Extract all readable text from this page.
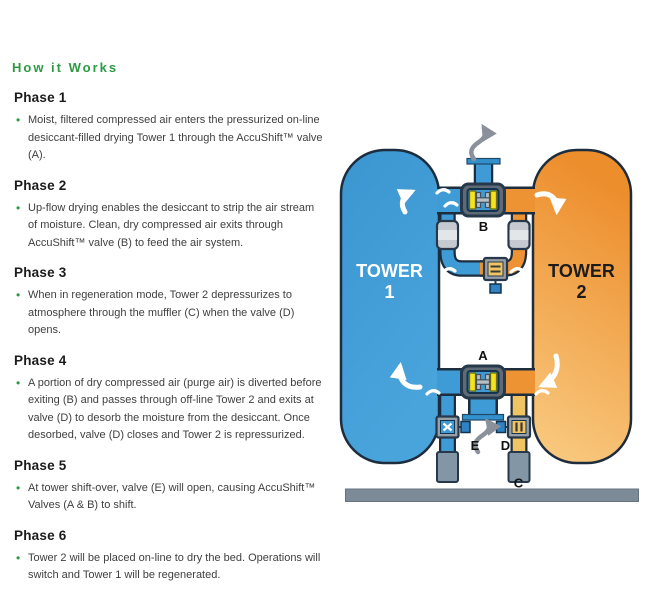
How it Works
Phase 1
• Moist, filtered compressed air enters the pressurized on-line desiccant-filled drying Tower 1 through the AccuShift™ valve (A).

Phase 2
• Up-flow drying enables the desiccant to strip the air stream of moisture. Clean, dry compressed air exits through AccuShift™ valve (B) to feed the air system.

Phase 3
• When in regeneration mode, Tower 2 depressurizes to atmosphere through the muffler (C) when the valve (D) opens.

Phase 4
• A portion of dry compressed air (purge air) is diverted before exiting (B) and passes through off-line Tower 2 and exits at valve (D) to desorb the moisture from the desiccant. Once desorbed, valve (D) closes and Tower 2 is repressurized.

Phase 5
• At tower shift-over, valve (E) will open, causing AccuShift™ Valves (A & B) to shift.

Phase 6
• Tower 2 will be placed on-line to dry the bed. Operations will switch and Tower 1 will be regenerated.

TOWER
1
TOWER
2
B
A
E D
C
